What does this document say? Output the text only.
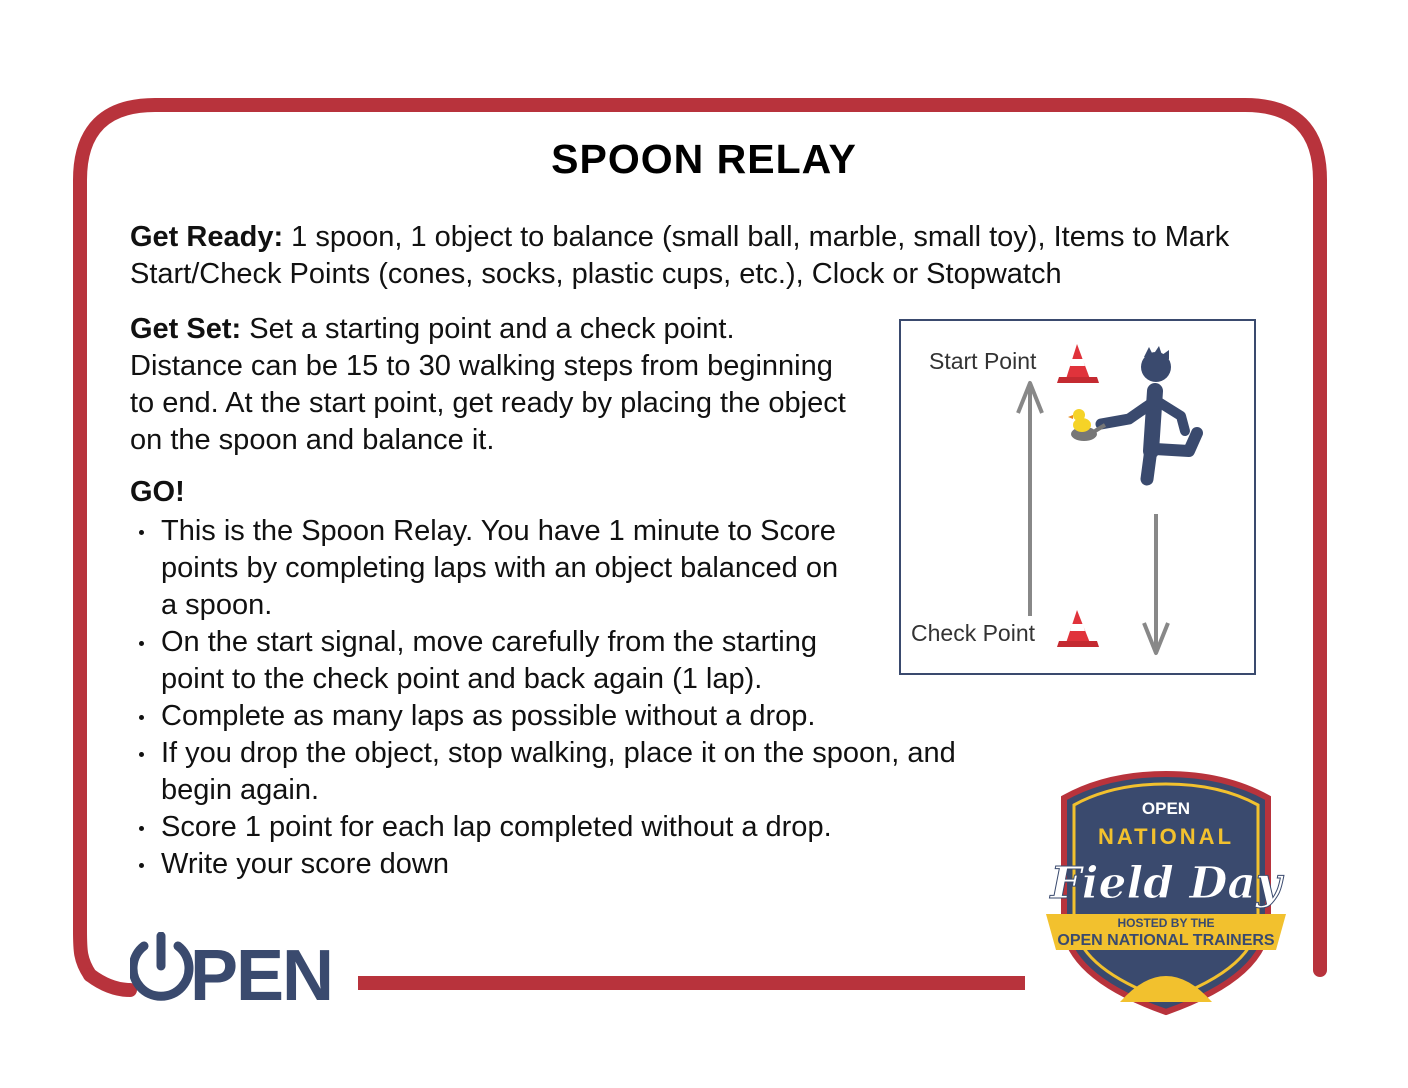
SPOON RELAY

Get Ready: 1 spoon, 1 object to balance (small ball, marble, small toy), Items to Mark Start/Check Points (cones, socks, plastic cups, etc.), Clock or Stopwatch

Get Set: Set a starting point and a check point. Distance can be 15 to 30 walking steps from beginning to end. At the start point, get ready by placing the object on the spoon and balance it.

GO!
This is the Spoon Relay. You have 1 minute to Score points by completing laps with an object balanced on a spoon.
On the start signal, move carefully from the starting point to the check point and back again (1 lap).
Complete as many laps as possible without a drop.
If you drop the object, stop walking, place it on the spoon, and begin again.
Score 1 point for each lap completed without a drop.
Write your score down
Start Point
Check Point
PEN
OPEN
NATIONAL
Field Day
HOSTED BY THE
OPEN NATIONAL TRAINERS
